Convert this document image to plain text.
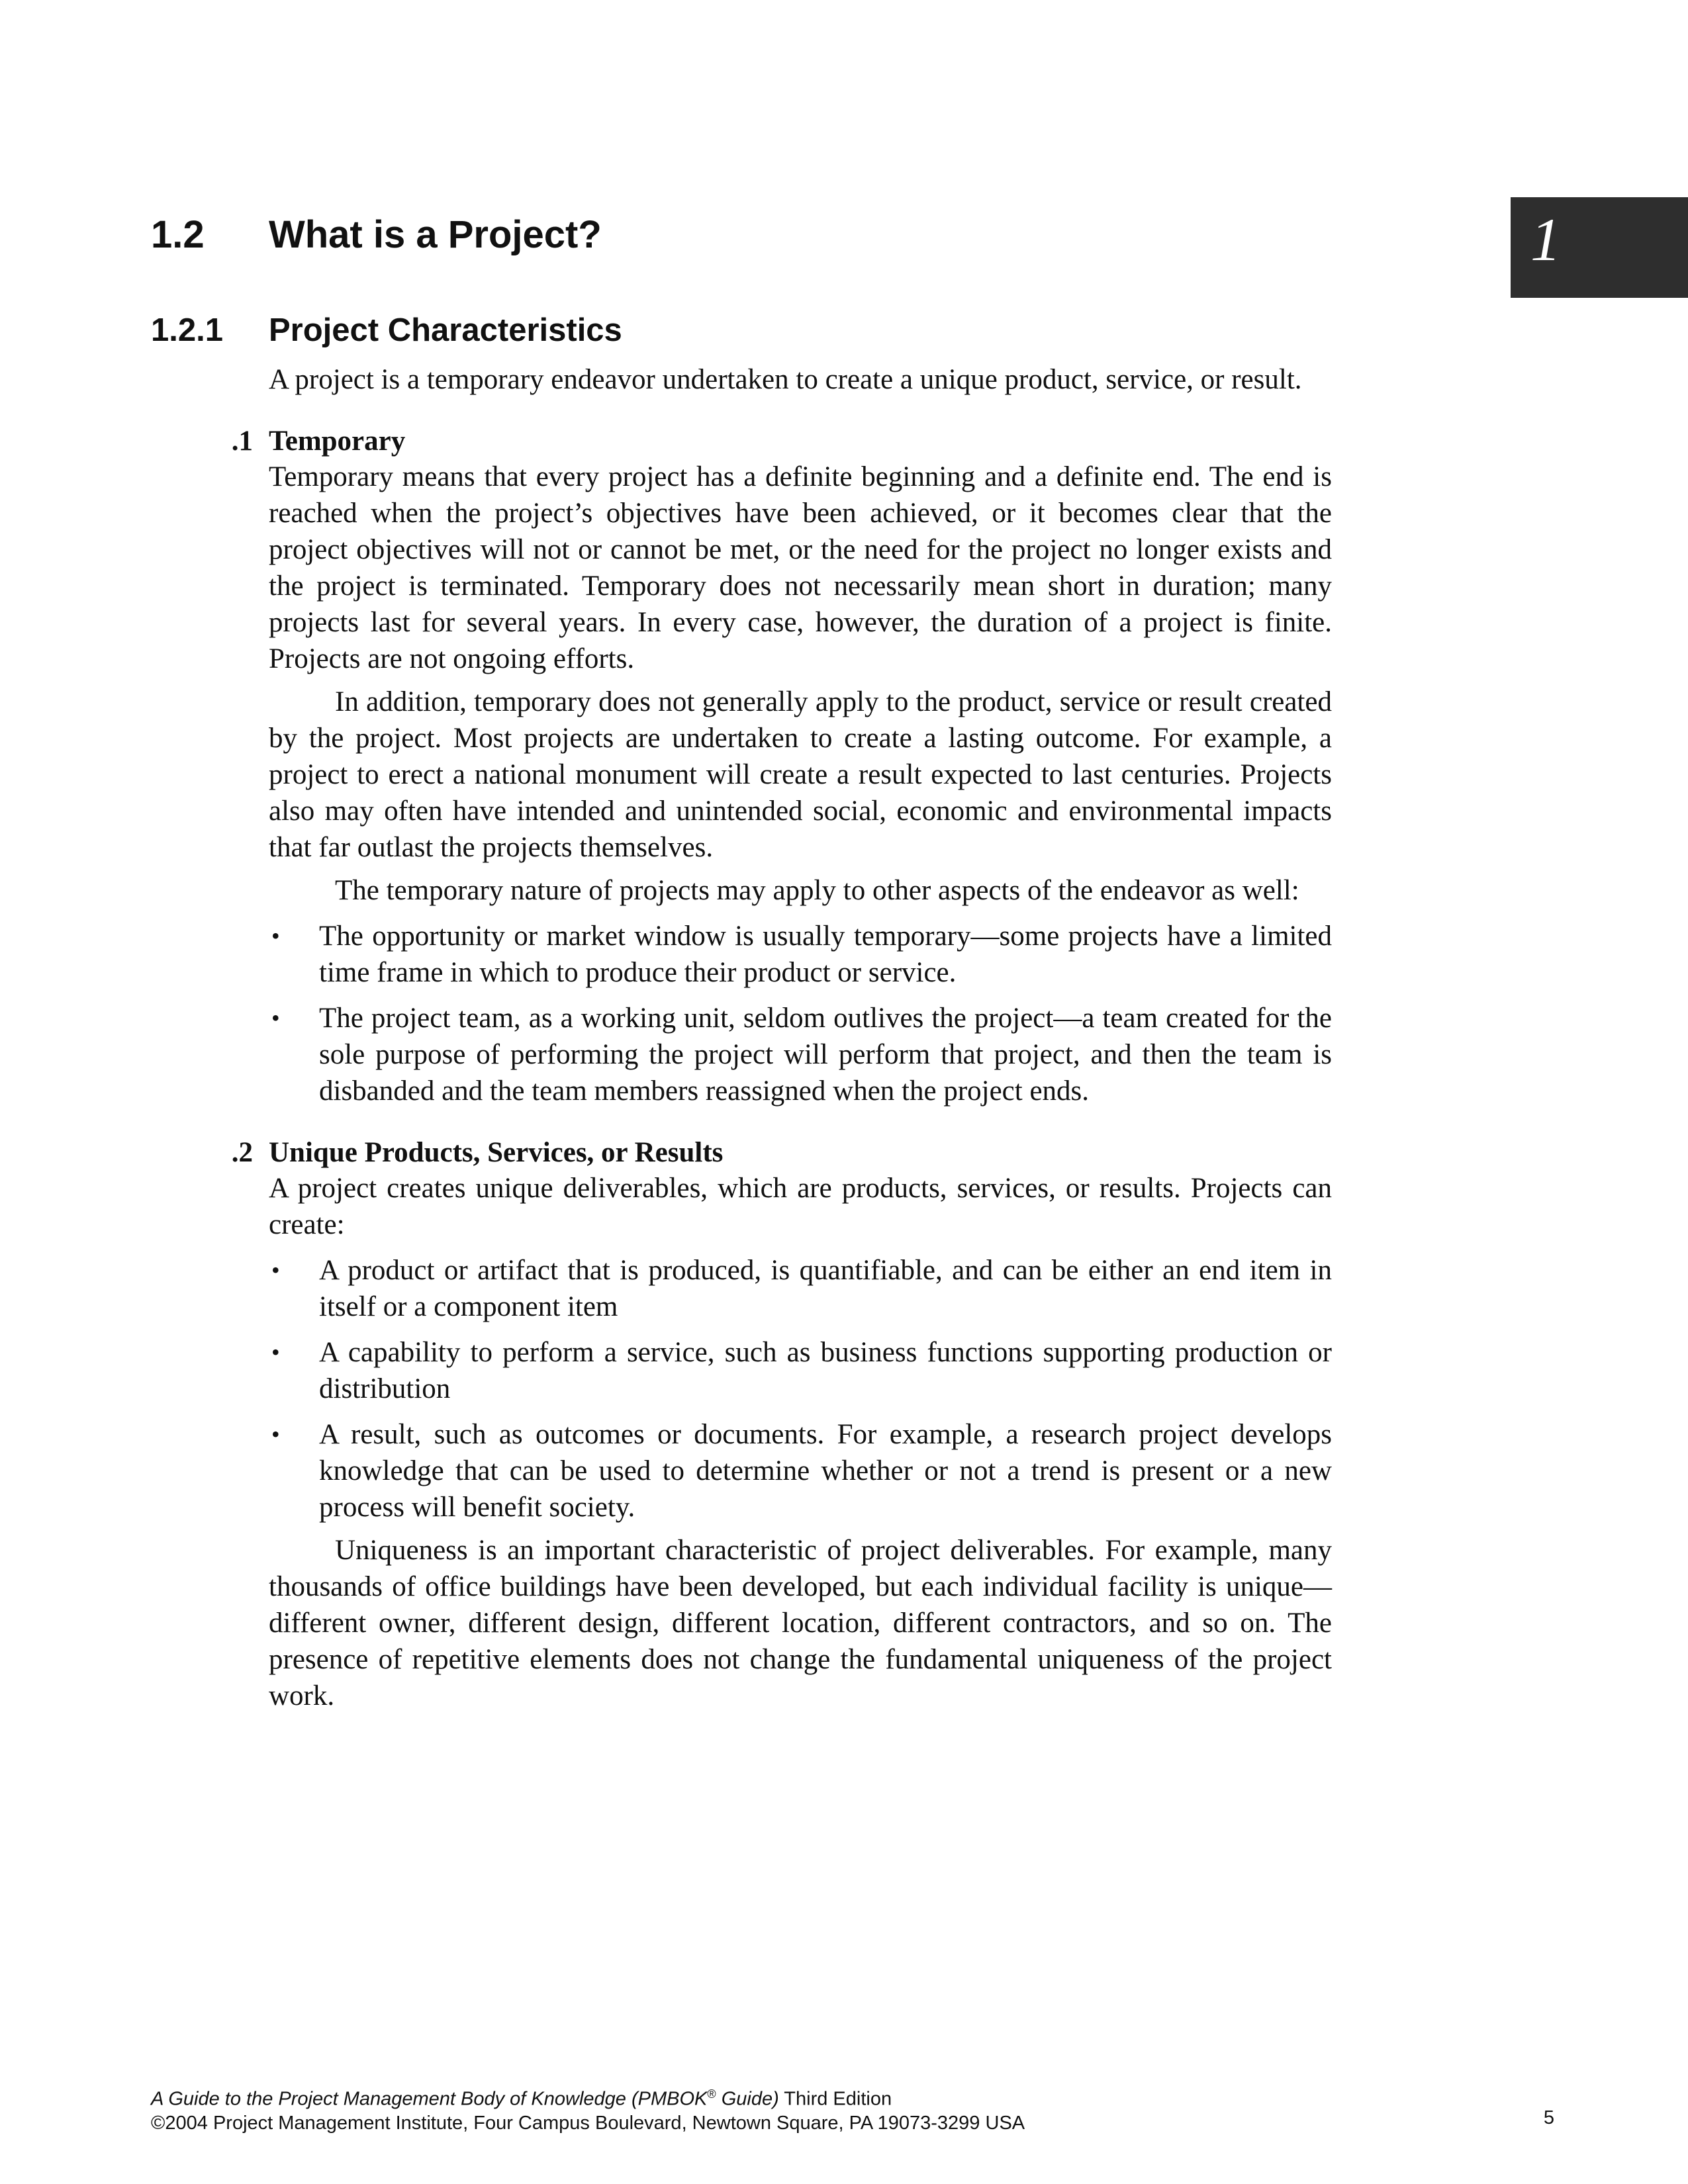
1
1.2 What is a Project?
1.2.1 Project Characteristics

A project is a temporary endeavor undertaken to create a unique product, service, or result.

.1 Temporary

Temporary means that every project has a definite beginning and a definite end. The end is reached when the project’s objectives have been achieved, or it becomes clear that the project objectives will not or cannot be met, or the need for the project no longer exists and the project is terminated. Temporary does not necessarily mean short in duration; many projects last for several years. In every case, however, the duration of a project is finite. Projects are not ongoing efforts.

In addition, temporary does not generally apply to the product, service or result created by the project. Most projects are undertaken to create a lasting outcome. For example, a project to erect a national monument will create a result expected to last centuries. Projects also may often have intended and unintended social, economic and environmental impacts that far outlast the projects themselves.

The temporary nature of projects may apply to other aspects of the endeavor as well:

• The opportunity or market window is usually temporary—some projects have a limited time frame in which to produce their product or service.
• The project team, as a working unit, seldom outlives the project—a team created for the sole purpose of performing the project will perform that project, and then the team is disbanded and the team members reassigned when the project ends.
.2 Unique Products, Services, or Results

A project creates unique deliverables, which are products, services, or results. Projects can create:

• A product or artifact that is produced, is quantifiable, and can be either an end item in itself or a component item
• A capability to perform a service, such as business functions supporting production or distribution
• A result, such as outcomes or documents. For example, a research project develops knowledge that can be used to determine whether or not a trend is present or a new process will benefit society.

Uniqueness is an important characteristic of project deliverables. For example, many thousands of office buildings have been developed, but each individual facility is unique—different owner, different design, different location, different contractors, and so on. The presence of repetitive elements does not change the fundamental uniqueness of the project work.

A Guide to the Project Management Body of Knowledge (PMBOK® Guide) Third Edition
©2004 Project Management Institute, Four Campus Boulevard, Newtown Square, PA 19073-3299 USA	5
